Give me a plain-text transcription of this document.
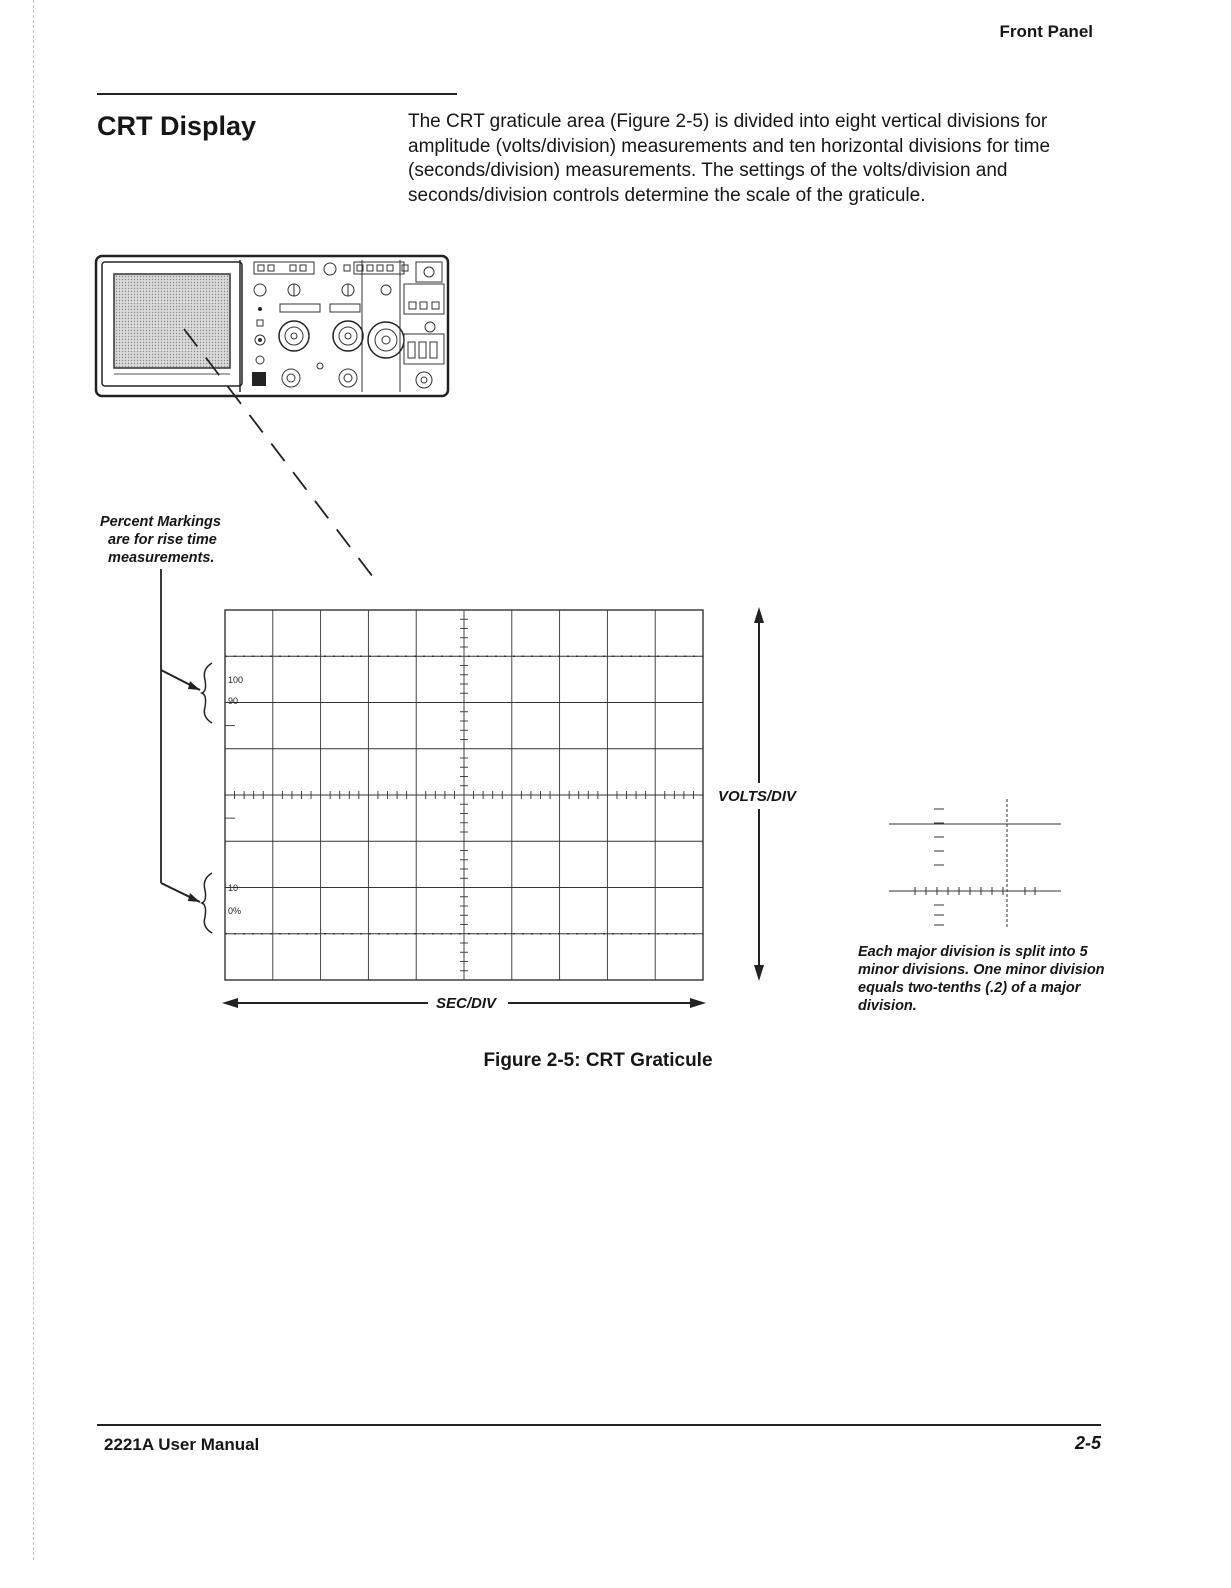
Front Panel
CRT Display	The CRT graticule area (Figure 2-5) is divided into eight vertical divisions for amplitude (volts/division) measurements and ten horizontal divisions for time (seconds/division) measurements. The settings of the volts/division and seconds/division controls determine the scale of the graticule.

Percent Markings
are for rise time
measurements.
100
90
10
0%
VOLTS/DIV
SEC/DIV
Each major division is split into 5 minor divisions. One minor division equals two-tenths (.2) of a major division.
Figure 2-5: CRT Graticule
2221A User Manual	2-5
